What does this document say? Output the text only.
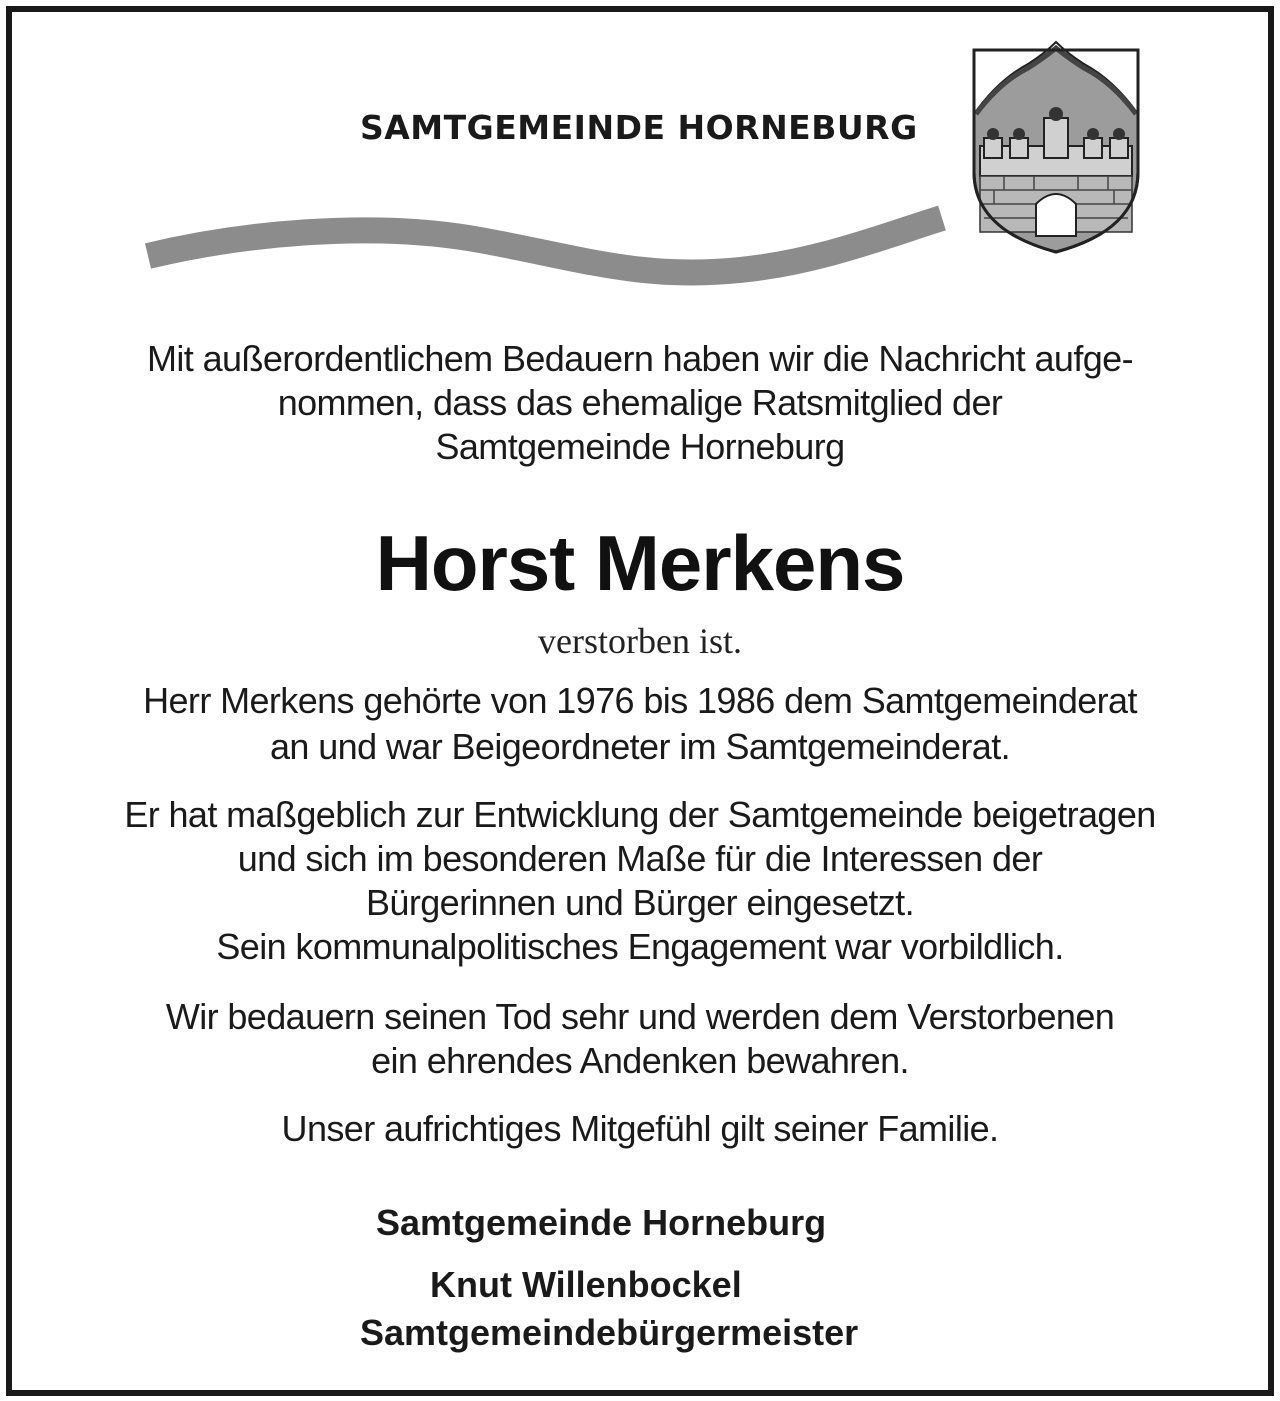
SAMTGEMEINDE HORNEBURG
Mit außerordentlichem Bedauern haben wir die Nachricht aufge-
nommen, dass das ehemalige Ratsmitglied der
Samtgemeinde Horneburg
Horst Merkens
verstorben ist.
Herr Merkens gehörte von 1976 bis 1986 dem Samtgemeinderat
an und war Beigeordneter im Samtgemeinderat.
Er hat maßgeblich zur Entwicklung der Samtgemeinde beigetragen
und sich im besonderen Maße für die Interessen der
Bürgerinnen und Bürger eingesetzt.
Sein kommunalpolitisches Engagement war vorbildlich.
Wir bedauern seinen Tod sehr und werden dem Verstorbenen
ein ehrendes Andenken bewahren.
Unser aufrichtiges Mitgefühl gilt seiner Familie.
Samtgemeinde Horneburg
Knut Willenbockel
Samtgemeindebürgermeister
